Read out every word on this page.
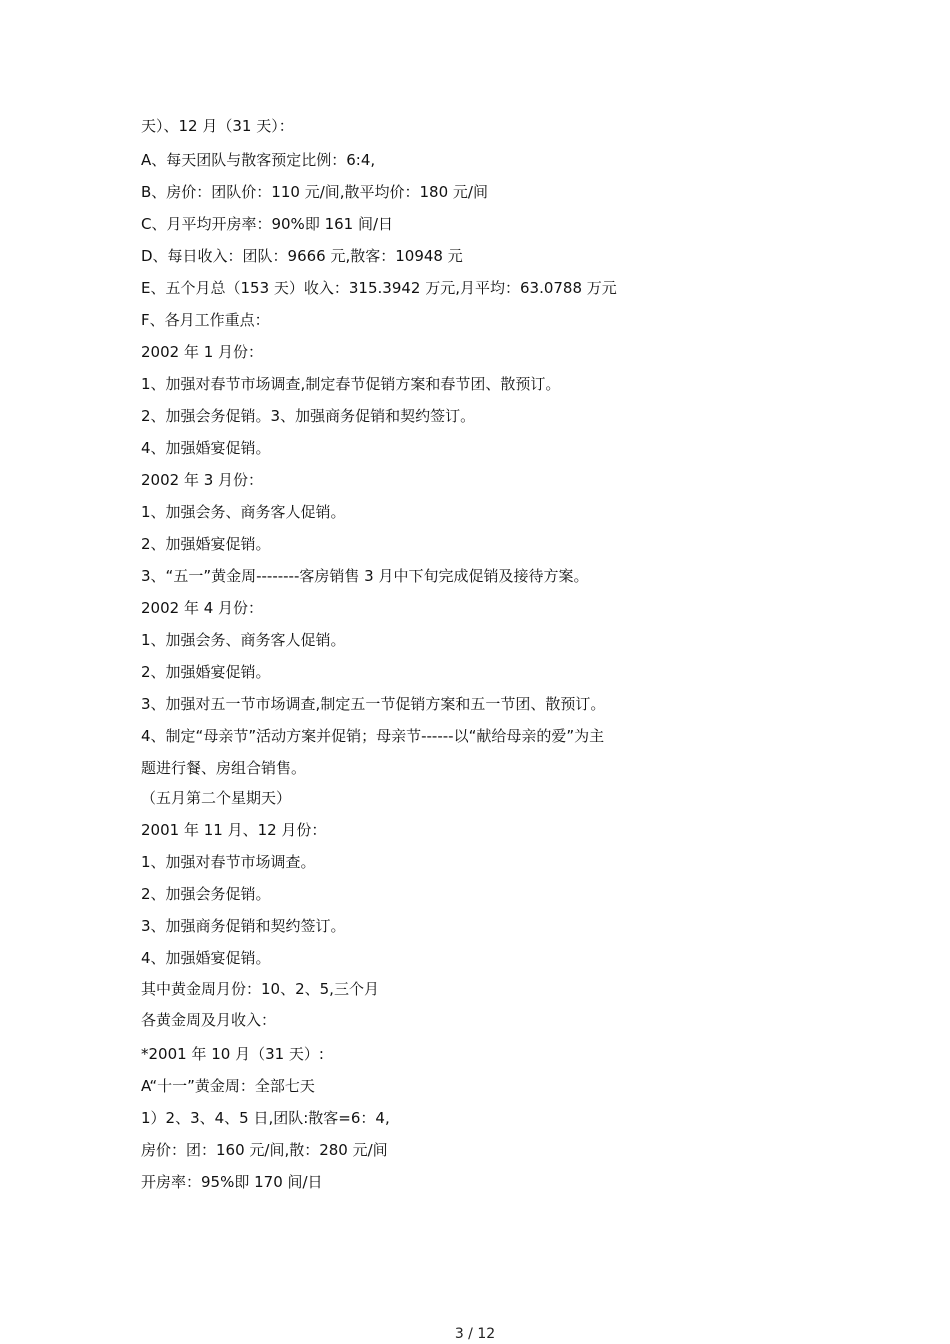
天）、12 月（31 天）：
A、每天团队与散客预定比例：6:4,
B、房价：团队价：110 元/间,散平均价：180 元/间
C、月平均开房率：90%即 161 间/日
D、每日收入：团队：9666 元,散客：10948 元
E、五个月总（153 天）收入：315.3942 万元,月平均：63.0788 万元
F、各月工作重点：
2002 年 1 月份：
1、加强对春节市场调查,制定春节促销方案和春节团、散预订。
2、加强会务促销。3、加强商务促销和契约签订。
4、加强婚宴促销。
2002 年 3 月份：
1、加强会务、商务客人促销。
2、加强婚宴促销。
3、“五一”黄金周--------客房销售 3 月中下旬完成促销及接待方案。
2002 年 4 月份：
1、加强会务、商务客人促销。
2、加强婚宴促销。
3、加强对五一节市场调查,制定五一节促销方案和五一节团、散预订。
4、制定“母亲节”活动方案并促销；母亲节------以“献给母亲的爱”为主
题进行餐、房组合销售。
（五月第二个星期天）
2001 年 11 月、12 月份：
1、加强对春节市场调查。
2、加强会务促销。
3、加强商务促销和契约签订。
4、加强婚宴促销。
其中黄金周月份：10、2、5,三个月
各黄金周及月收入：
*2001 年 10 月（31 天）:
A“十一”黄金周：全部七天
1）2、3、4、5 日,团队:散客=6：4,
房价：团：160 元/间,散：280 元/间
开房率：95%即 170 间/日
3 / 12
